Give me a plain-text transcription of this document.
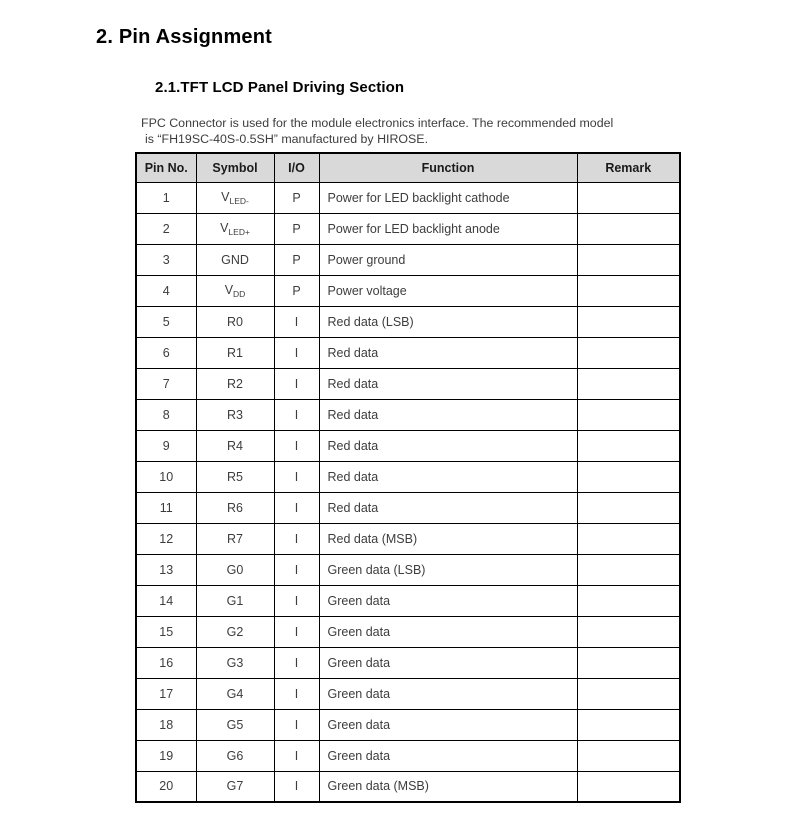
2. Pin Assignment
2.1.TFT LCD Panel Driving Section

FPC Connector is used for the module electronics interface. The recommended model
is “FH19SC-40S-0.5SH” manufactured by HIROSE.

Pin No.	Symbol	I/O	Function	Remark
1	$V_{LED-}$	P	Power for LED backlight cathode	
2	$V_{LED+}$	P	Power for LED backlight anode	
3	GND	P	Power ground	
4	$V_{DD}$	P	Power voltage	
5	R0	I	Red data (LSB)	
6	R1	I	Red data	
7	R2	I	Red data	
8	R3	I	Red data	
9	R4	I	Red data	
10	R5	I	Red data	
11	R6	I	Red data	
12	R7	I	Red data (MSB)	
13	G0	I	Green data (LSB)	
14	G1	I	Green data	
15	G2	I	Green data	
16	G3	I	Green data	
17	G4	I	Green data	
18	G5	I	Green data	
19	G6	I	Green data	
20	G7	I	Green data (MSB)	
